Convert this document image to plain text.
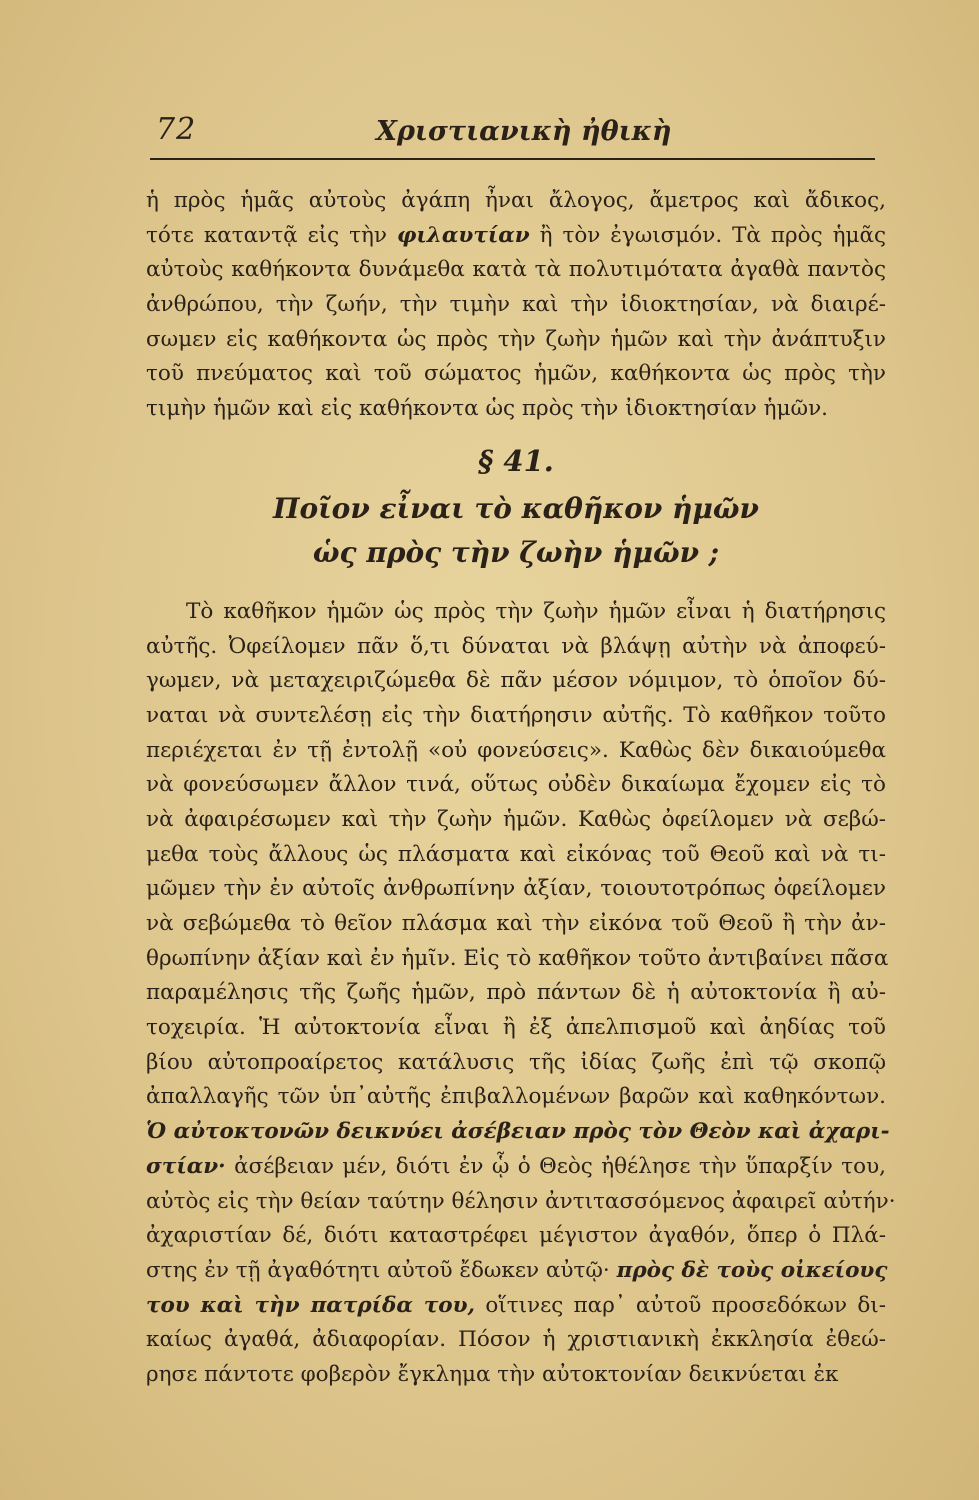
72	Χριστιανικὴ ἠθικὴ
ἡ πρὸς ἡμᾶς αὐτοὺς ἀγάπη ἦναι ἄλογος, ἄμετρος καὶ ἄδικος,
τότε καταντᾷ εἰς τὴν φιλαυτίαν ἢ τὸν ἐγωισμόν. Τὰ πρὸς ἡμᾶς
αὐτοὺς καθήκοντα δυνάμεθα κατὰ τὰ πολυτιμότατα ἀγαθὰ παντὸς
ἀνθρώπου, τὴν ζωήν, τὴν τιμὴν καὶ τὴν ἰδιοκτησίαν, νὰ διαιρέ-
σωμεν εἰς καθήκοντα ὡς πρὸς τὴν ζωὴν ἡμῶν καὶ τὴν ἀνάπτυξιν
τοῦ πνεύματος καὶ τοῦ σώματος ἡμῶν, καθήκοντα ὡς πρὸς τὴν
τιμὴν ἡμῶν καὶ εἰς καθήκοντα ὡς πρὸς τὴν ἰδιοκτησίαν ἡμῶν.
§ 41.
Ποῖον εἶναι τὸ καθῆκον ἡμῶν
ὡς πρὸς τὴν ζωὴν ἡμῶν ;
Τὸ καθῆκον ἡμῶν ὡς πρὸς τὴν ζωὴν ἡμῶν εἶναι ἡ διατήρησις
αὐτῆς. Ὀφείλομεν πᾶν ὅ,τι δύναται νὰ βλάψῃ αὐτὴν νὰ ἀποφεύ-
γωμεν, νὰ μεταχειριζώμεθα δὲ πᾶν μέσον νόμιμον, τὸ ὁποῖον δύ-
ναται νὰ συντελέσῃ εἰς τὴν διατήρησιν αὐτῆς. Τὸ καθῆκον τοῦτο
περιέχεται ἐν τῇ ἐντολῇ «οὐ φονεύσεις». Καθὼς δὲν δικαιούμεθα
νὰ φονεύσωμεν ἄλλον τινά, οὕτως οὐδὲν δικαίωμα ἔχομεν εἰς τὸ
νὰ ἀφαιρέσωμεν καὶ τὴν ζωὴν ἡμῶν. Καθὼς ὀφείλομεν νὰ σεβώ-
μεθα τοὺς ἄλλους ὡς πλάσματα καὶ εἰκόνας τοῦ Θεοῦ καὶ νὰ τι-
μῶμεν τὴν ἐν αὐτοῖς ἀνθρωπίνην ἀξίαν, τοιουτοτρόπως ὀφείλομεν
νὰ σεβώμεθα τὸ θεῖον πλάσμα καὶ τὴν εἰκόνα τοῦ Θεοῦ ἢ τὴν ἀν-
θρωπίνην ἀξίαν καὶ ἐν ἡμῖν. Εἰς τὸ καθῆκον τοῦτο ἀντιβαίνει πᾶσα
παραμέλησις τῆς ζωῆς ἡμῶν, πρὸ πάντων δὲ ἡ αὐτοκτονία ἢ αὐ-
τοχειρία. Ἡ αὐτοκτονία εἶναι ἢ ἐξ ἀπελπισμοῦ καὶ ἀηδίας τοῦ
βίου αὐτοπροαίρετος κατάλυσις τῆς ἰδίας ζωῆς ἐπὶ τῷ σκοπῷ
ἀπαλλαγῆς τῶν ὑπ᾽αὐτῆς ἐπιβαλλομένων βαρῶν καὶ καθηκόντων.
Ὁ αὐτοκτονῶν δεικνύει ἀσέβειαν πρὸς τὸν Θεὸν καὶ ἀχαρι-
στίαν· ἀσέβειαν μέν, διότι ἐν ᾧ ὁ Θεὸς ἠθέλησε τὴν ὕπαρξίν του,
αὐτὸς εἰς τὴν θείαν ταύτην θέλησιν ἀντιτασσόμενος ἀφαιρεῖ αὐτήν·
ἀχαριστίαν δέ, διότι καταστρέφει μέγιστον ἀγαθόν, ὅπερ ὁ Πλά-
στης ἐν τῇ ἀγαθότητι αὐτοῦ ἔδωκεν αὐτῷ· πρὸς δὲ τοὺς οἰκείους
του καὶ τὴν πατρίδα του, οἵτινες παρ᾽ αὐτοῦ προσεδόκων δι-
καίως ἀγαθά, ἀδιαφορίαν. Πόσον ἡ χριστιανικὴ ἐκκλησία ἐθεώ-
ρησε πάντοτε φοβερὸν ἔγκλημα τὴν αὐτοκτονίαν δεικνύεται ἐκ
